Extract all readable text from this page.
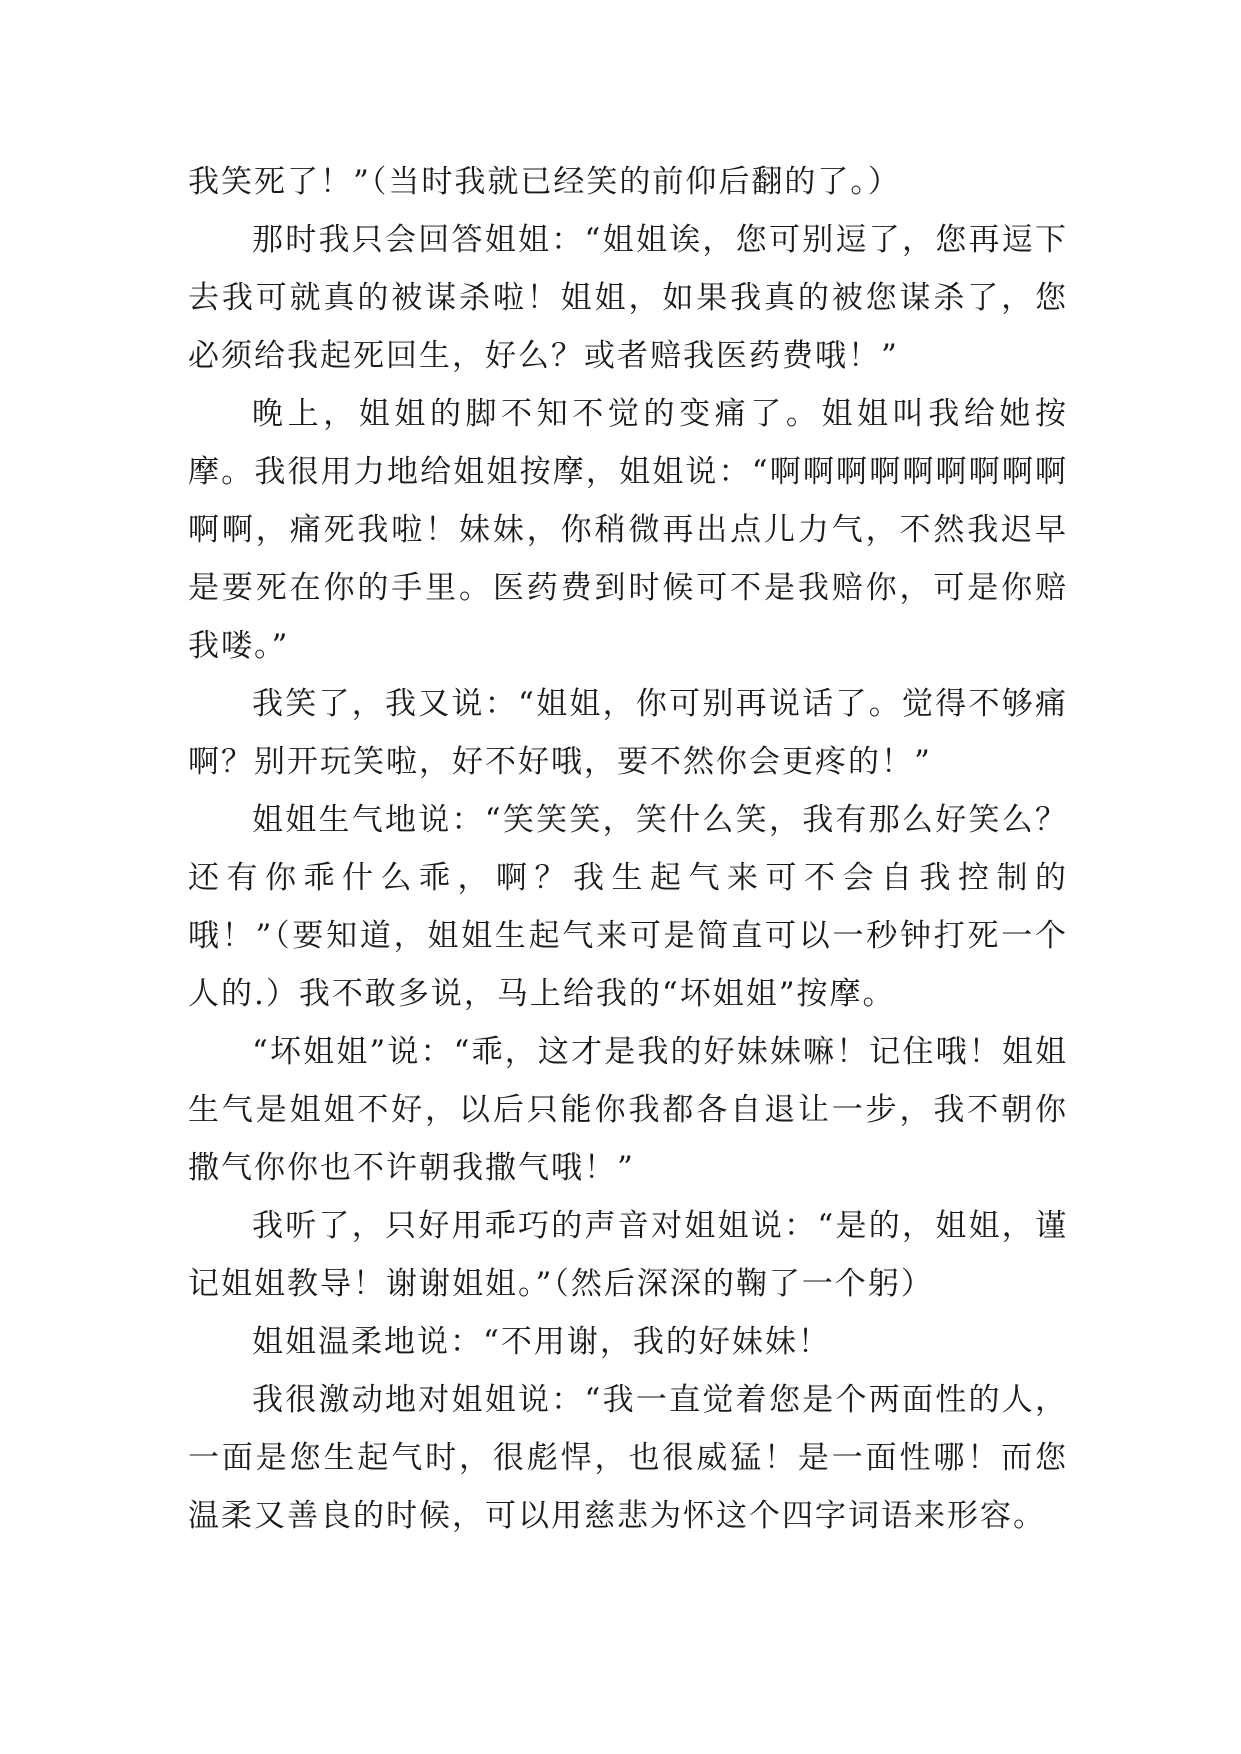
我笑死了！”（当时我就已经笑的前仰后翻的了。）

那时我只会回答姐姐：“姐姐诶，您可别逗了，您再逗下去我可就真的被谋杀啦！姐姐，如果我真的被您谋杀了，您必须给我起死回生，好么？或者赔我医药费哦！”

晚上，姐姐的脚不知不觉的变痛了。姐姐叫我给她按摩。我很用力地给姐姐按摩，姐姐说：“啊啊啊啊啊啊啊啊啊啊啊，痛死我啦！妹妹，你稍微再出点儿力气，不然我迟早是要死在你的手里。医药费到时候可不是我赔你，可是你赔我喽。”

我笑了，我又说：“姐姐，你可别再说话了。觉得不够痛啊？别开玩笑啦，好不好哦，要不然你会更疼的！”

姐姐生气地说：“笑笑笑，笑什么笑，我有那么好笑么？还有你乖什么乖，啊？我生起气来可不会自我控制的哦！”（要知道，姐姐生起气来可是简直可以一秒钟打死一个人的.）我不敢多说，马上给我的“坏姐姐”按摩。

“坏姐姐”说：“乖，这才是我的好妹妹嘛！记住哦！姐姐生气是姐姐不好，以后只能你我都各自退让一步，我不朝你撒气你你也不许朝我撒气哦！”

我听了，只好用乖巧的声音对姐姐说：“是的，姐姐，谨记姐姐教导！谢谢姐姐。”（然后深深的鞠了一个躬）

姐姐温柔地说：“不用谢，我的好妹妹！

我很激动地对姐姐说：“我一直觉着您是个两面性的人，一面是您生起气时，很彪悍，也很威猛！是一面性哪！而您温柔又善良的时候，可以用慈悲为怀这个四字词语来形容。
